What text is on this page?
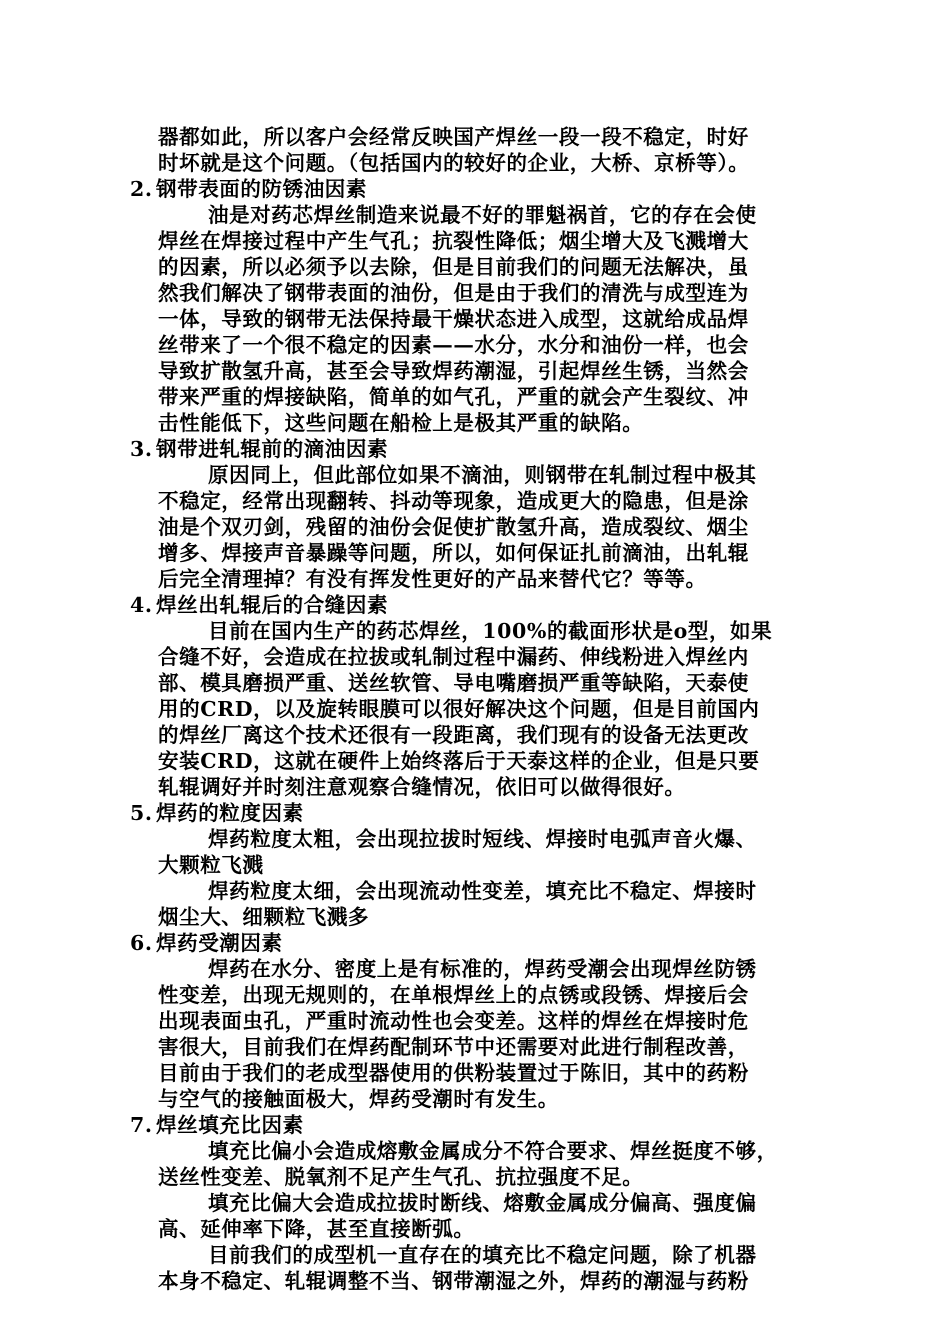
器都如此，所以客户会经常反映国产焊丝一段一段不稳定，时好
时坏就是这个问题。（包括国内的较好的企业，大桥、京桥等）。
2. 钢带表面的防锈油因素
油是对药芯焊丝制造来说最不好的罪魁祸首，它的存在会使
焊丝在焊接过程中产生气孔；抗裂性降低；烟尘增大及飞溅增大
的因素，所以必须予以去除，但是目前我们的问题无法解决，虽
然我们解决了钢带表面的油份，但是由于我们的清洗与成型连为
一体，导致的钢带无法保持最干燥状态进入成型，这就给成品焊
丝带来了一个很不稳定的因素——水分，水分和油份一样，也会
导致扩散氢升高，甚至会导致焊药潮湿，引起焊丝生锈，当然会
带来严重的焊接缺陷，简单的如气孔，严重的就会产生裂纹、冲
击性能低下，这些问题在船检上是极其严重的缺陷。
3. 钢带进轧辊前的滴油因素
原因同上，但此部位如果不滴油，则钢带在轧制过程中极其
不稳定，经常出现翻转、抖动等现象，造成更大的隐患，但是涂
油是个双刃剑，残留的油份会促使扩散氢升高，造成裂纹、烟尘
增多、焊接声音暴躁等问题，所以，如何保证扎前滴油，出轧辊
后完全清理掉？有没有挥发性更好的产品来替代它？等等。
4. 焊丝出轧辊后的合缝因素
目前在国内生产的药芯焊丝，100%的截面形状是o型，如果
合缝不好，会造成在拉拔或轧制过程中漏药、伸线粉进入焊丝内
部、模具磨损严重、送丝软管、导电嘴磨损严重等缺陷，天泰使
用的CRD，以及旋转眼膜可以很好解决这个问题，但是目前国内
的焊丝厂离这个技术还很有一段距离，我们现有的设备无法更改
安装CRD，这就在硬件上始终落后于天泰这样的企业，但是只要
轧辊调好并时刻注意观察合缝情况，依旧可以做得很好。
5. 焊药的粒度因素
焊药粒度太粗，会出现拉拔时短线、焊接时电弧声音火爆、
大颗粒飞溅
焊药粒度太细，会出现流动性变差，填充比不稳定、焊接时
烟尘大、细颗粒飞溅多
6. 焊药受潮因素
焊药在水分、密度上是有标准的，焊药受潮会出现焊丝防锈
性变差，出现无规则的，在单根焊丝上的点锈或段锈、焊接后会
出现表面虫孔，严重时流动性也会变差。这样的焊丝在焊接时危
害很大，目前我们在焊药配制环节中还需要对此进行制程改善，
目前由于我们的老成型器使用的供粉装置过于陈旧，其中的药粉
与空气的接触面极大，焊药受潮时有发生。
7. 焊丝填充比因素
填充比偏小会造成熔敷金属成分不符合要求、焊丝挺度不够，
送丝性变差、脱氧剂不足产生气孔、抗拉强度不足。
填充比偏大会造成拉拔时断线、熔敷金属成分偏高、强度偏
高、延伸率下降，甚至直接断弧。
目前我们的成型机一直存在的填充比不稳定问题，除了机器
本身不稳定、轧辊调整不当、钢带潮湿之外，焊药的潮湿与药粉
